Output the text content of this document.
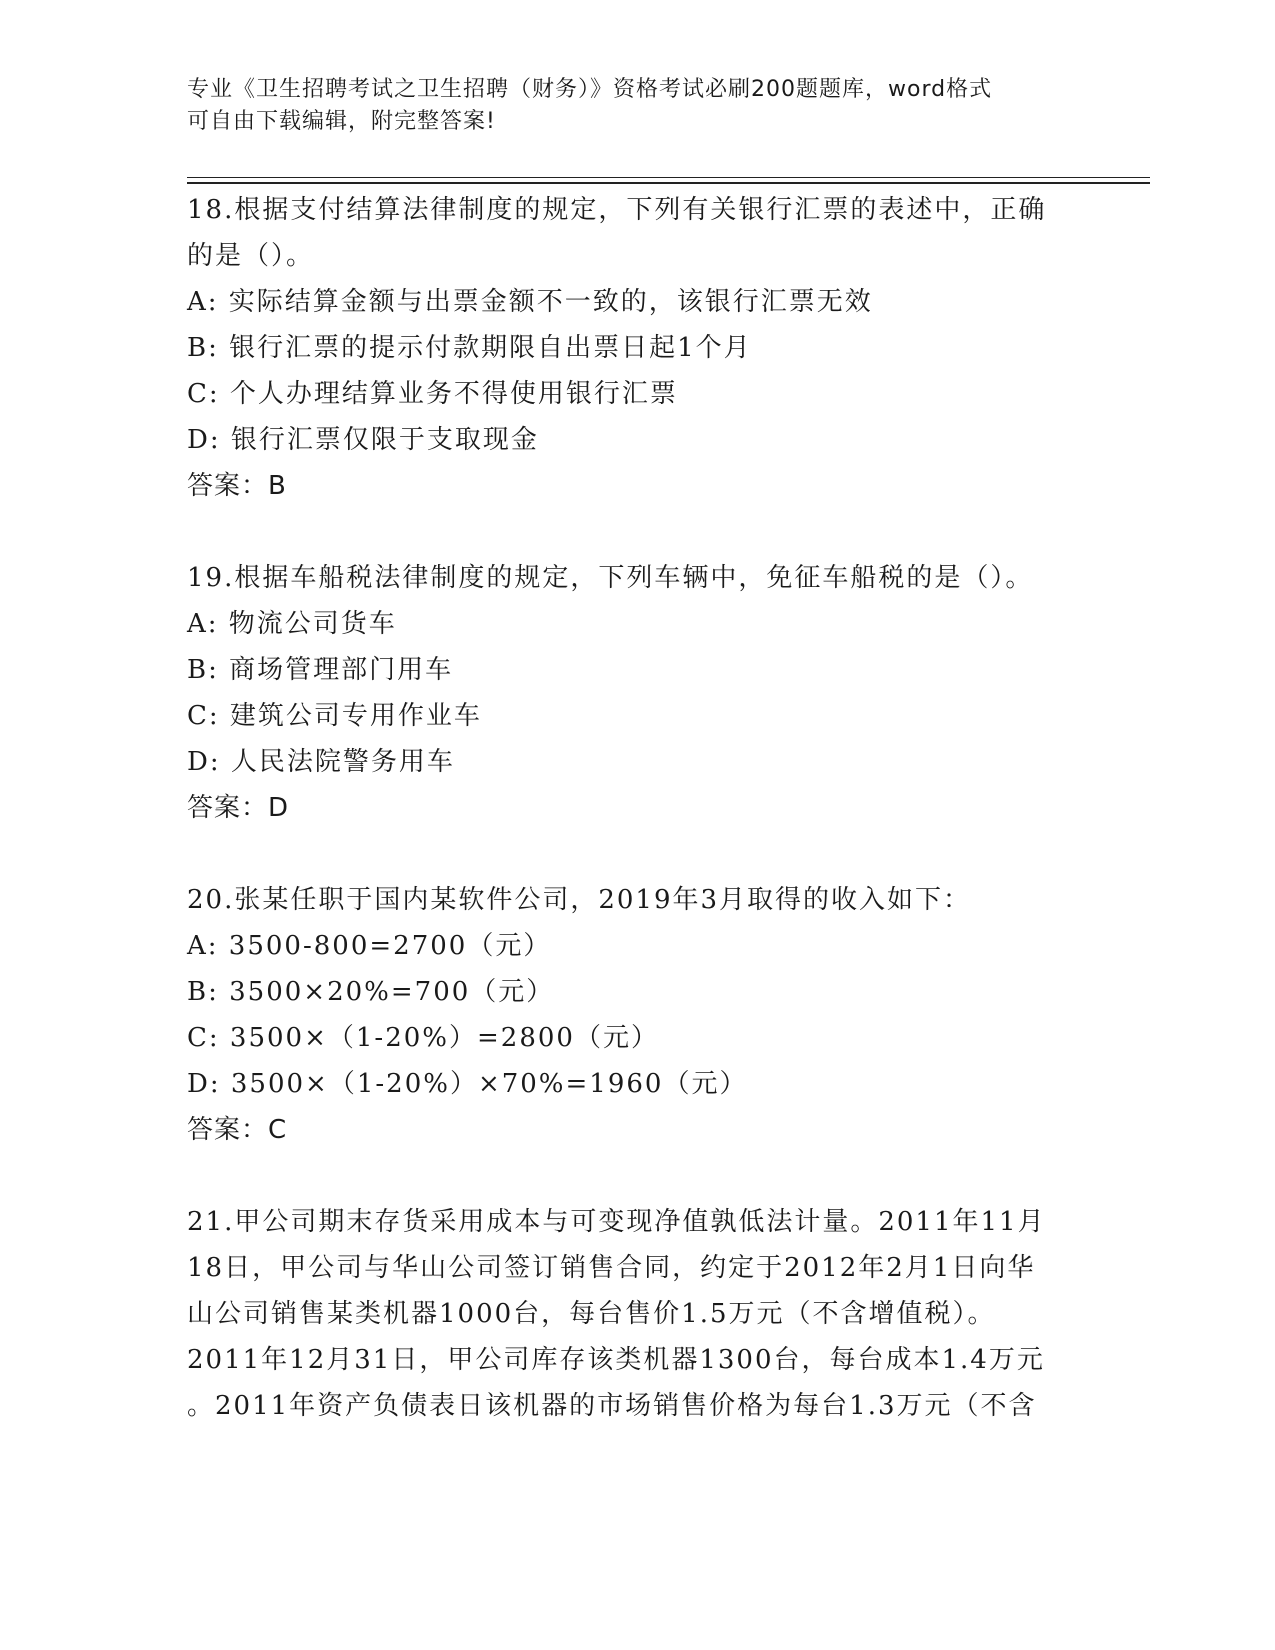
专业《卫生招聘考试之卫生招聘（财务）》资格考试必刷200题题库，word格式
可自由下载编辑，附完整答案!
18.根据支付结算法律制度的规定，下列有关银行汇票的表述中，正确
的是（）。
A: 实际结算金额与出票金额不一致的，该银行汇票无效
B: 银行汇票的提示付款期限自出票日起1个月
C: 个人办理结算业务不得使用银行汇票
D: 银行汇票仅限于支取现金
答案：B
19.根据车船税法律制度的规定，下列车辆中，免征车船税的是（）。
A: 物流公司货车
B: 商场管理部门用车
C: 建筑公司专用作业车
D: 人民法院警务用车
答案：D
20.张某任职于国内某软件公司，2019年3月取得的收入如下：
A: 3500-800=2700（元）
B: 3500×20%=700（元）
C: 3500×（1-20%）=2800（元）
D: 3500×（1-20%）×70%=1960（元）
答案：C
21.甲公司期末存货采用成本与可变现净值孰低法计量。2011年11月
18日，甲公司与华山公司签订销售合同，约定于2012年2月1日向华
山公司销售某类机器1000台，每台售价1.5万元（不含增值税）。
2011年12月31日，甲公司库存该类机器1300台，每台成本1.4万元
。2011年资产负债表日该机器的市场销售价格为每台1.3万元（不含
